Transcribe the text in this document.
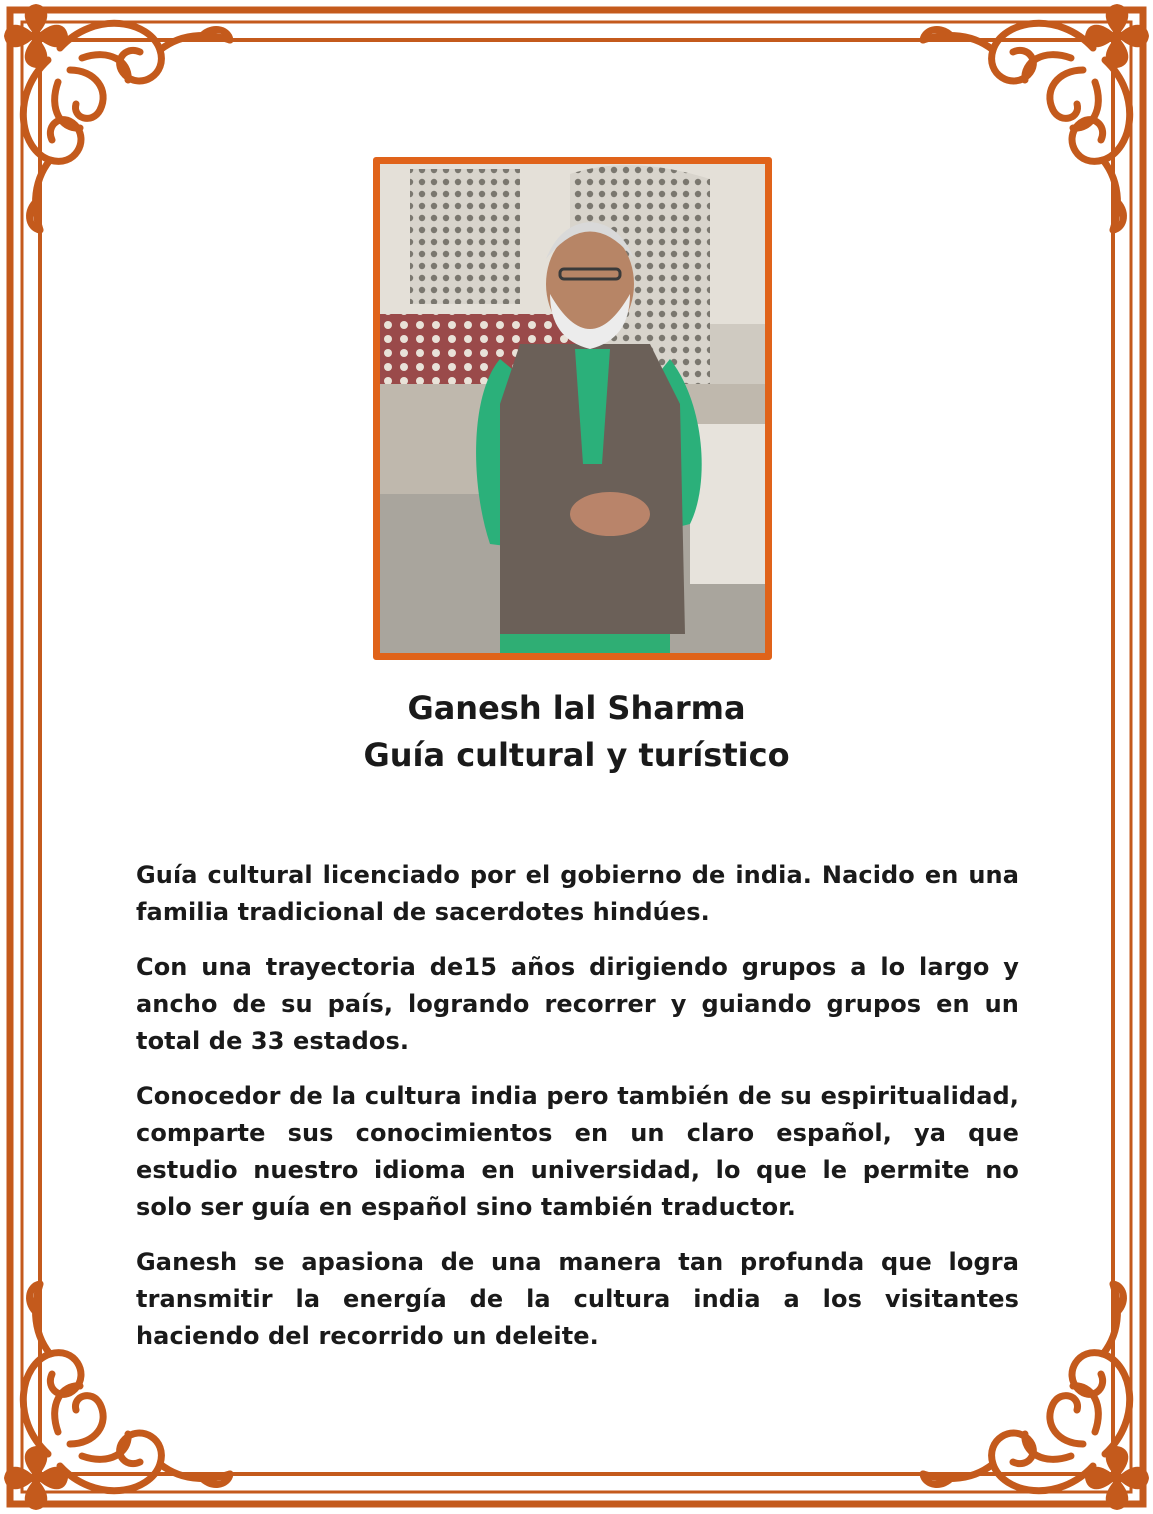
Ganesh lal Sharma
Guía cultural y turístico

Guía cultural licenciado por el gobierno de india. Nacido en una familia tradicional de sacerdotes hindúes.

Con una trayectoria de15 años dirigiendo grupos a lo largo y ancho de su país, logrando recorrer y guiando grupos en un total de 33 estados.

Conocedor de la cultura india pero también de su espiritualidad, comparte sus conocimientos en un claro español, ya que estudio nuestro idioma en universidad, lo que le permite no solo ser guía en español sino también traductor.

Ganesh se apasiona de una manera tan profunda que logra transmitir la energía de la cultura india a los visitantes haciendo del recorrido un deleite.
